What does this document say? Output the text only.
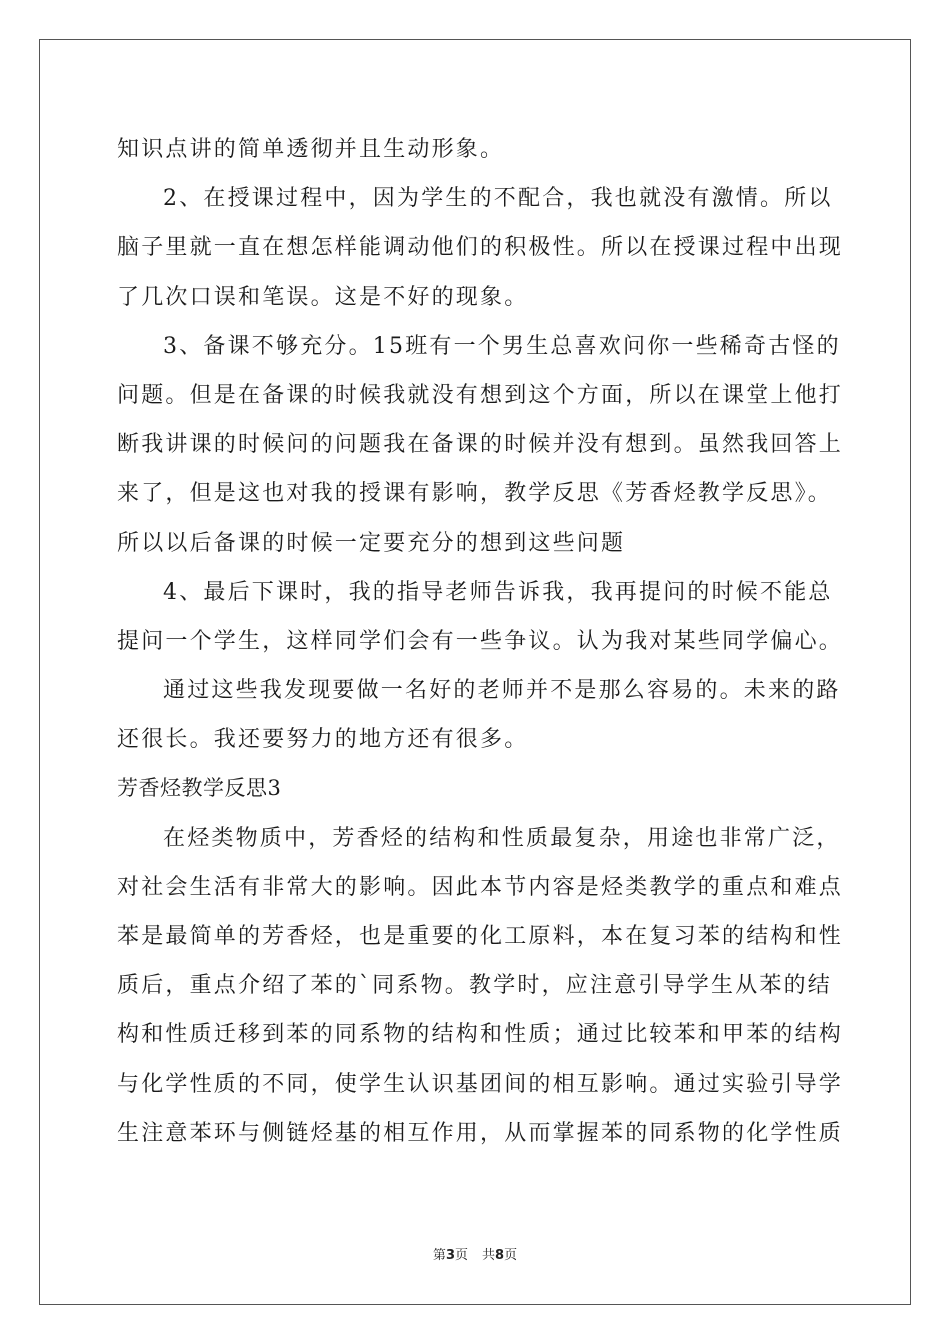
知识点讲的简单透彻并且生动形象。
2、在授课过程中，因为学生的不配合，我也就没有激情。所以
脑子里就一直在想怎样能调动他们的积极性。所以在授课过程中出现
了几次口误和笔误。这是不好的现象。
3、备课不够充分。15班有一个男生总喜欢问你一些稀奇古怪的
问题。但是在备课的时候我就没有想到这个方面，所以在课堂上他打
断我讲课的时候问的问题我在备课的时候并没有想到。虽然我回答上
来了，但是这也对我的授课有影响，教学反思《芳香烃教学反思》。
所以以后备课的时候一定要充分的想到这些问题
4、最后下课时，我的指导老师告诉我，我再提问的时候不能总
提问一个学生，这样同学们会有一些争议。认为我对某些同学偏心。
通过这些我发现要做一名好的老师并不是那么容易的。未来的路
还很长。我还要努力的地方还有很多。
芳香烃教学反思3
在烃类物质中，芳香烃的结构和性质最复杂，用途也非常广泛，
对社会生活有非常大的影响。因此本节内容是烃类教学的重点和难点
苯是最简单的芳香烃，也是重要的化工原料，本在复习苯的结构和性
质后，重点介绍了苯的`同系物。教学时，应注意引导学生从苯的结
构和性质迁移到苯的同系物的结构和性质；通过比较苯和甲苯的结构
与化学性质的不同，使学生认识基团间的相互影响。通过实验引导学
生注意苯环与侧链烃基的相互作用，从而掌握苯的同系物的化学性质
第3页 共8页
